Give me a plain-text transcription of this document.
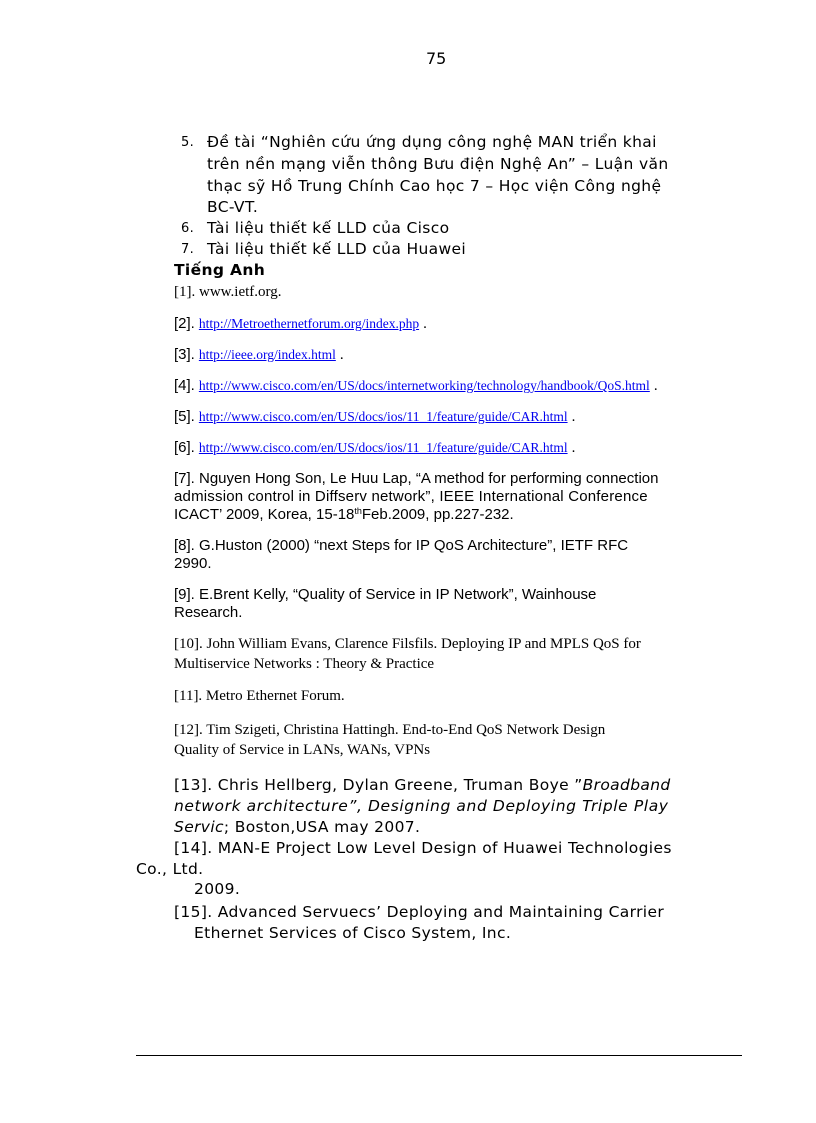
75
5. Đề tài “Nghiên cứu ứng dụng công nghệ MAN triển khai
trên nền mạng viễn thông Bưu điện Nghệ An” – Luận văn
thạc sỹ Hồ Trung Chính Cao học 7 – Học viện Công nghệ
BC-VT.
6. Tài liệu thiết kế LLD của Cisco
7. Tài liệu thiết kế LLD của Huawei
Tiếng Anh
[1]. www.ietf.org.
[2]. http://Metroethernetforum.org/index.php .
[3]. http://ieee.org/index.html .
[4]. http://www.cisco.com/en/US/docs/internetworking/technology/handbook/QoS.html .
[5]. http://www.cisco.com/en/US/docs/ios/11_1/feature/guide/CAR.html .
[6]. http://www.cisco.com/en/US/docs/ios/11_1/feature/guide/CAR.html .
[7]. Nguyen Hong Son, Le Huu Lap, “A method for performing connection
admission control in Diffserv network”, IEEE International Conference
ICACT’ 2009, Korea, 15-18thFeb.2009, pp.227-232.
[8]. G.Huston (2000) “next Steps for IP QoS Architecture”, IETF RFC
2990.
[9]. E.Brent Kelly, “Quality of Service in IP Network”, Wainhouse
Research.
[10]. John William Evans, Clarence Filsfils. Deploying IP and MPLS QoS for
Multiservice Networks : Theory & Practice
[11]. Metro Ethernet Forum.
[12]. Tim Szigeti, Christina Hattingh. End-to-End QoS Network Design
Quality of Service in LANs, WANs, VPNs
[13]. Chris Hellberg, Dylan Greene, Truman Boye ”Broadband
network architecture”, Designing and Deploying Triple Play
Servic; Boston,USA may 2007.
[14]. MAN-E Project Low Level Design of Huawei Technologies
Co., Ltd.
2009.
[15]. Advanced Servuecs’ Deploying and Maintaining Carrier
Ethernet Services of Cisco System, Inc.
